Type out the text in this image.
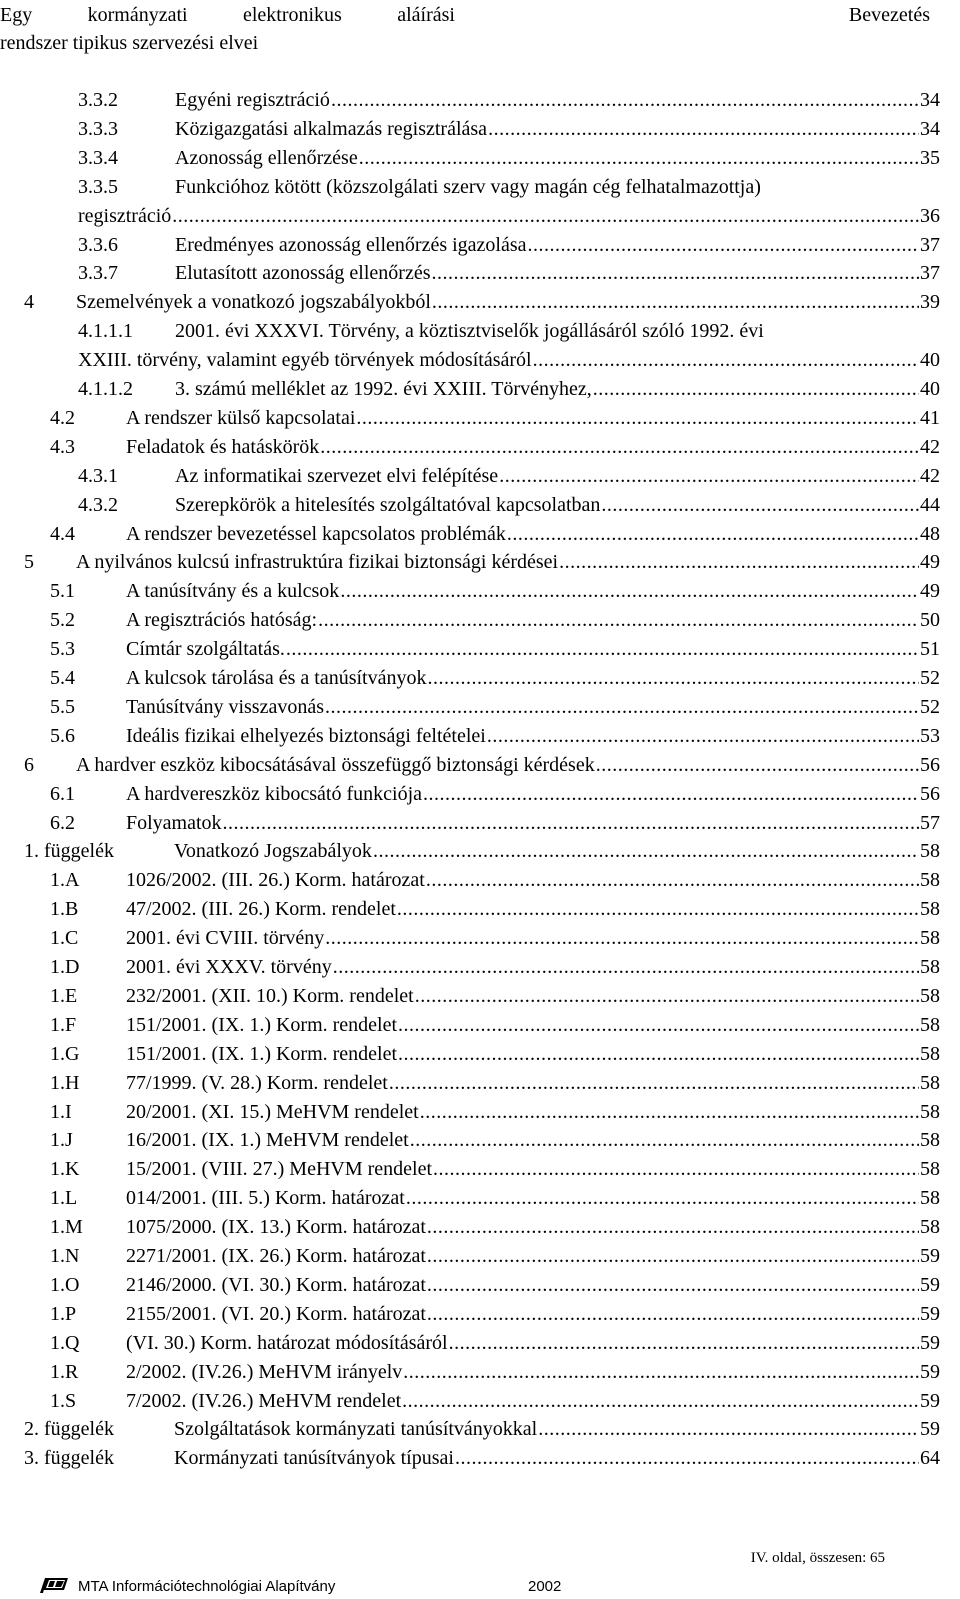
Egy	kormányzati	elektronikus	aláírási	Bevezetés
rendszer tipikus szervezési elvei
3.3.2	Egyéni regisztráció .....	34
3.3.3	Közigazgatási alkalmazás regisztrálása .....	34
3.3.4	Azonosság ellenőrzése .....	35
3.3.5	Funkcióhoz kötött (közszolgálati szerv vagy magán cég felhatalmazottja)
regisztráció .....	36
3.3.6	Eredményes azonosság ellenőrzés igazolása .....	37
3.3.7	Elutasított azonosság ellenőrzés .....	37
4	Szemelvények a vonatkozó jogszabályokból .....	39
4.1.1.1	2001. évi XXXVI. Törvény, a köztisztviselők jogállásáról szóló 1992. évi
XXIII. törvény, valamint egyéb törvények módosításáról .....	40
4.1.1.2	3. számú melléklet az 1992. évi XXIII. Törvényhez, .....	40
4.2	A rendszer külső kapcsolatai .....	41
4.3	Feladatok és hatáskörök .....	42
4.3.1	Az informatikai szervezet elvi felépítése .....	42
4.3.2	Szerepkörök a hitelesítés szolgáltatóval kapcsolatban .....	44
4.4	A rendszer bevezetéssel kapcsolatos problémák .....	48
5	A nyilvános kulcsú infrastruktúra fizikai biztonsági kérdései .....	49
5.1	A tanúsítvány és a kulcsok .....	49
5.2	A regisztrációs hatóság: .....	50
5.3	Címtár szolgáltatás. .....	51
5.4	A kulcsok tárolása és a tanúsítványok .....	52
5.5	Tanúsítvány visszavonás .....	52
5.6	Ideális fizikai elhelyezés biztonsági feltételei .....	53
6	A hardver eszköz kibocsátásával összefüggő biztonsági kérdések .....	56
6.1	A hardvereszköz kibocsátó funkciója .....	56
6.2	Folyamatok .....	57
1. függelék	Vonatkozó Jogszabályok .....	58
1.A	1026/2002. (III. 26.) Korm. határozat .....	58
1.B	47/2002. (III. 26.) Korm. rendelet .....	58
1.C	2001. évi CVIII. törvény .....	58
1.D	2001. évi XXXV. törvény .....	58
1.E	232/2001. (XII. 10.) Korm. rendelet .....	58
1.F	151/2001. (IX. 1.) Korm. rendelet .....	58
1.G	151/2001. (IX. 1.) Korm. rendelet .....	58
1.H	77/1999. (V. 28.) Korm. rendelet .....	58
1.I	20/2001. (XI. 15.) MeHVM rendelet .....	58
1.J	16/2001. (IX. 1.) MeHVM rendelet .....	58
1.K	15/2001. (VIII. 27.) MeHVM rendelet .....	58
1.L	014/2001. (III. 5.) Korm. határozat .....	58
1.M	1075/2000. (IX. 13.) Korm. határozat .....	58
1.N	2271/2001. (IX. 26.) Korm. határozat .....	59
1.O	2146/2000. (VI. 30.) Korm. határozat .....	59
1.P	2155/2001. (VI. 20.) Korm. határozat .....	59
1.Q	(VI. 30.) Korm. határozat módosításáról .....	59
1.R	2/2002. (IV.26.) MeHVM irányelv .....	59
1.S	7/2002. (IV.26.) MeHVM rendelet .....	59
2. függelék	Szolgáltatások kormányzati tanúsítványokkal .....	59
3. függelék	Kormányzati tanúsítványok típusai .....	64
IV. oldal, összesen: 65
MTA Információtechnológiai Alapítvány	2002
